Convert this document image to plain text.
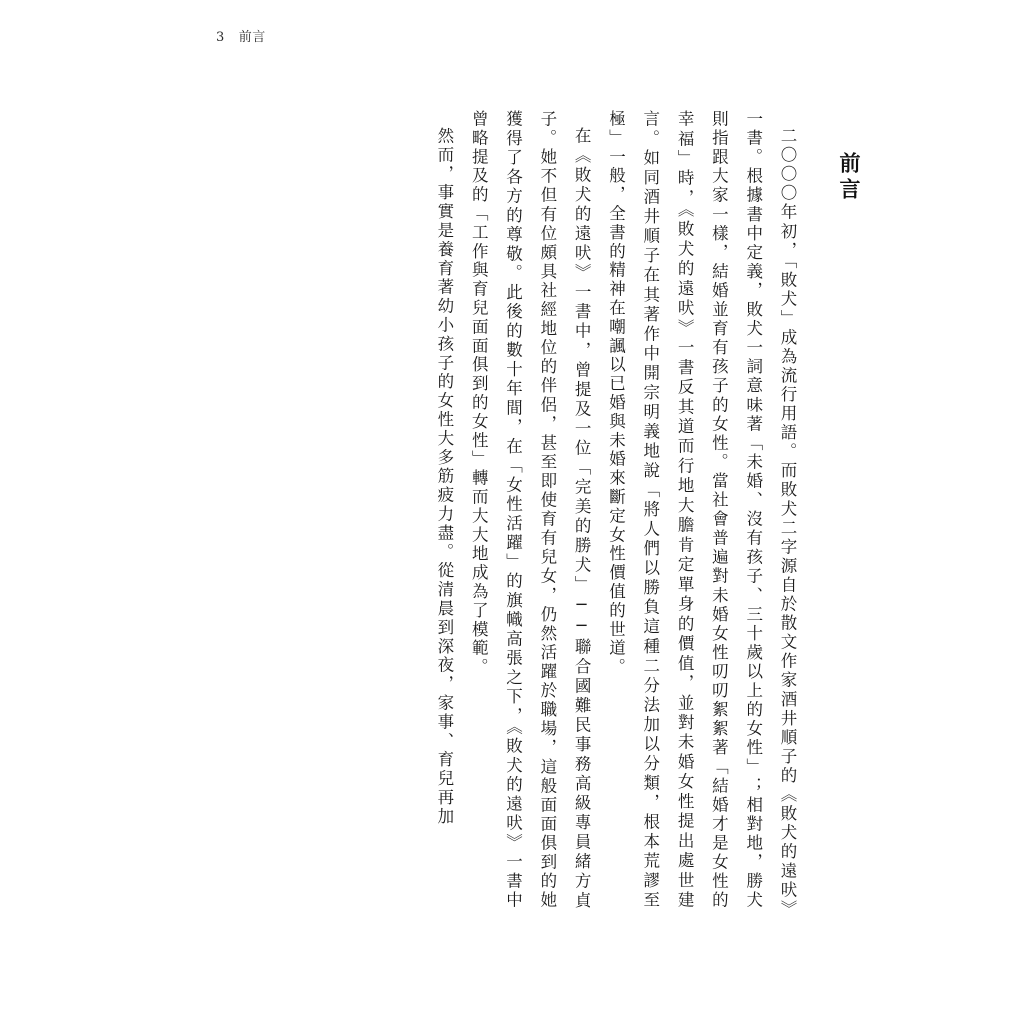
3 前言
前言

二〇〇〇年初，「敗犬」成為流行用語。而敗犬二字源自於散文作家酒井順子的《敗犬的遠吠》一書。根據書中定義，敗犬一詞意味著「未婚、沒有孩子、三十歲以上的女性」；相對地，勝犬則指跟大家一樣，結婚並育有孩子的女性。當社會普遍對未婚女性叨叨絮絮著「結婚才是女性的幸福」時，《敗犬的遠吠》一書反其道而行地大膽肯定單身的價值，並對未婚女性提出處世建言。如同酒井順子在其著作中開宗明義地說「將人們以勝負這種二分法加以分類，根本荒謬至極」一般，全書的精神在嘲諷以已婚與未婚來斷定女性價值的世道。

在《敗犬的遠吠》一書中，曾提及一位「完美的勝犬」──聯合國難民事務高級專員緒方貞子。她不但有位頗具社經地位的伴侶，甚至即使育有兒女，仍然活躍於職場，這般面面俱到的她獲得了各方的尊敬。此後的數十年間，在「女性活躍」的旗幟高張之下，《敗犬的遠吠》一書中曾略提及的「工作與育兒面面俱到的女性」轉而大大地成為了模範。

然而，事實是養育著幼小孩子的女性大多筋疲力盡。從清晨到深夜，家事、育兒再加
